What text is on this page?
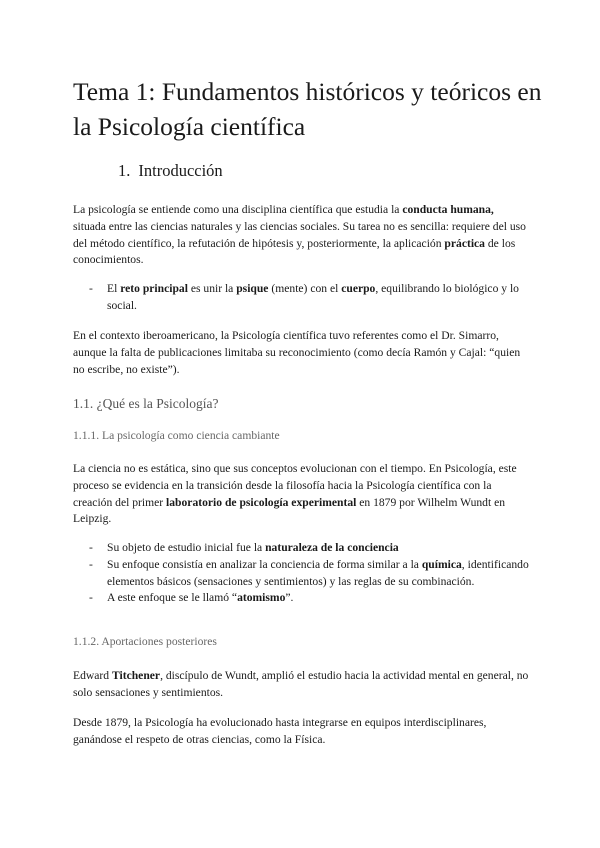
Tema 1: Fundamentos históricos y teóricos en la Psicología científica
1. Introducción

La psicología se entiende como una disciplina científica que estudia la conducta humana, situada entre las ciencias naturales y las ciencias sociales. Su tarea no es sencilla: requiere del uso del método científico, la refutación de hipótesis y, posteriormente, la aplicación práctica de los conocimientos.

- El reto principal es unir la psique (mente) con el cuerpo, equilibrando lo biológico y lo social.

En el contexto iberoamericano, la Psicología científica tuvo referentes como el Dr. Simarro, aunque la falta de publicaciones limitaba su reconocimiento (como decía Ramón y Cajal: “quien no escribe, no existe”).

1.1. ¿Qué es la Psicología?
1.1.1. La psicología como ciencia cambiante

La ciencia no es estática, sino que sus conceptos evolucionan con el tiempo. En Psicología, este proceso se evidencia en la transición desde la filosofía hacia la Psicología científica con la creación del primer laboratorio de psicología experimental en 1879 por Wilhelm Wundt en Leipzig.

- Su objeto de estudio inicial fue la naturaleza de la conciencia
- Su enfoque consistía en analizar la conciencia de forma similar a la química, identificando elementos básicos (sensaciones y sentimientos) y las reglas de su combinación.
- A este enfoque se le llamó “atomismo”.
1.1.2. Aportaciones posteriores

Edward Titchener, discípulo de Wundt, amplió el estudio hacia la actividad mental en general, no solo sensaciones y sentimientos.

Desde 1879, la Psicología ha evolucionado hasta integrarse en equipos interdisciplinares, ganándose el respeto de otras ciencias, como la Física.
